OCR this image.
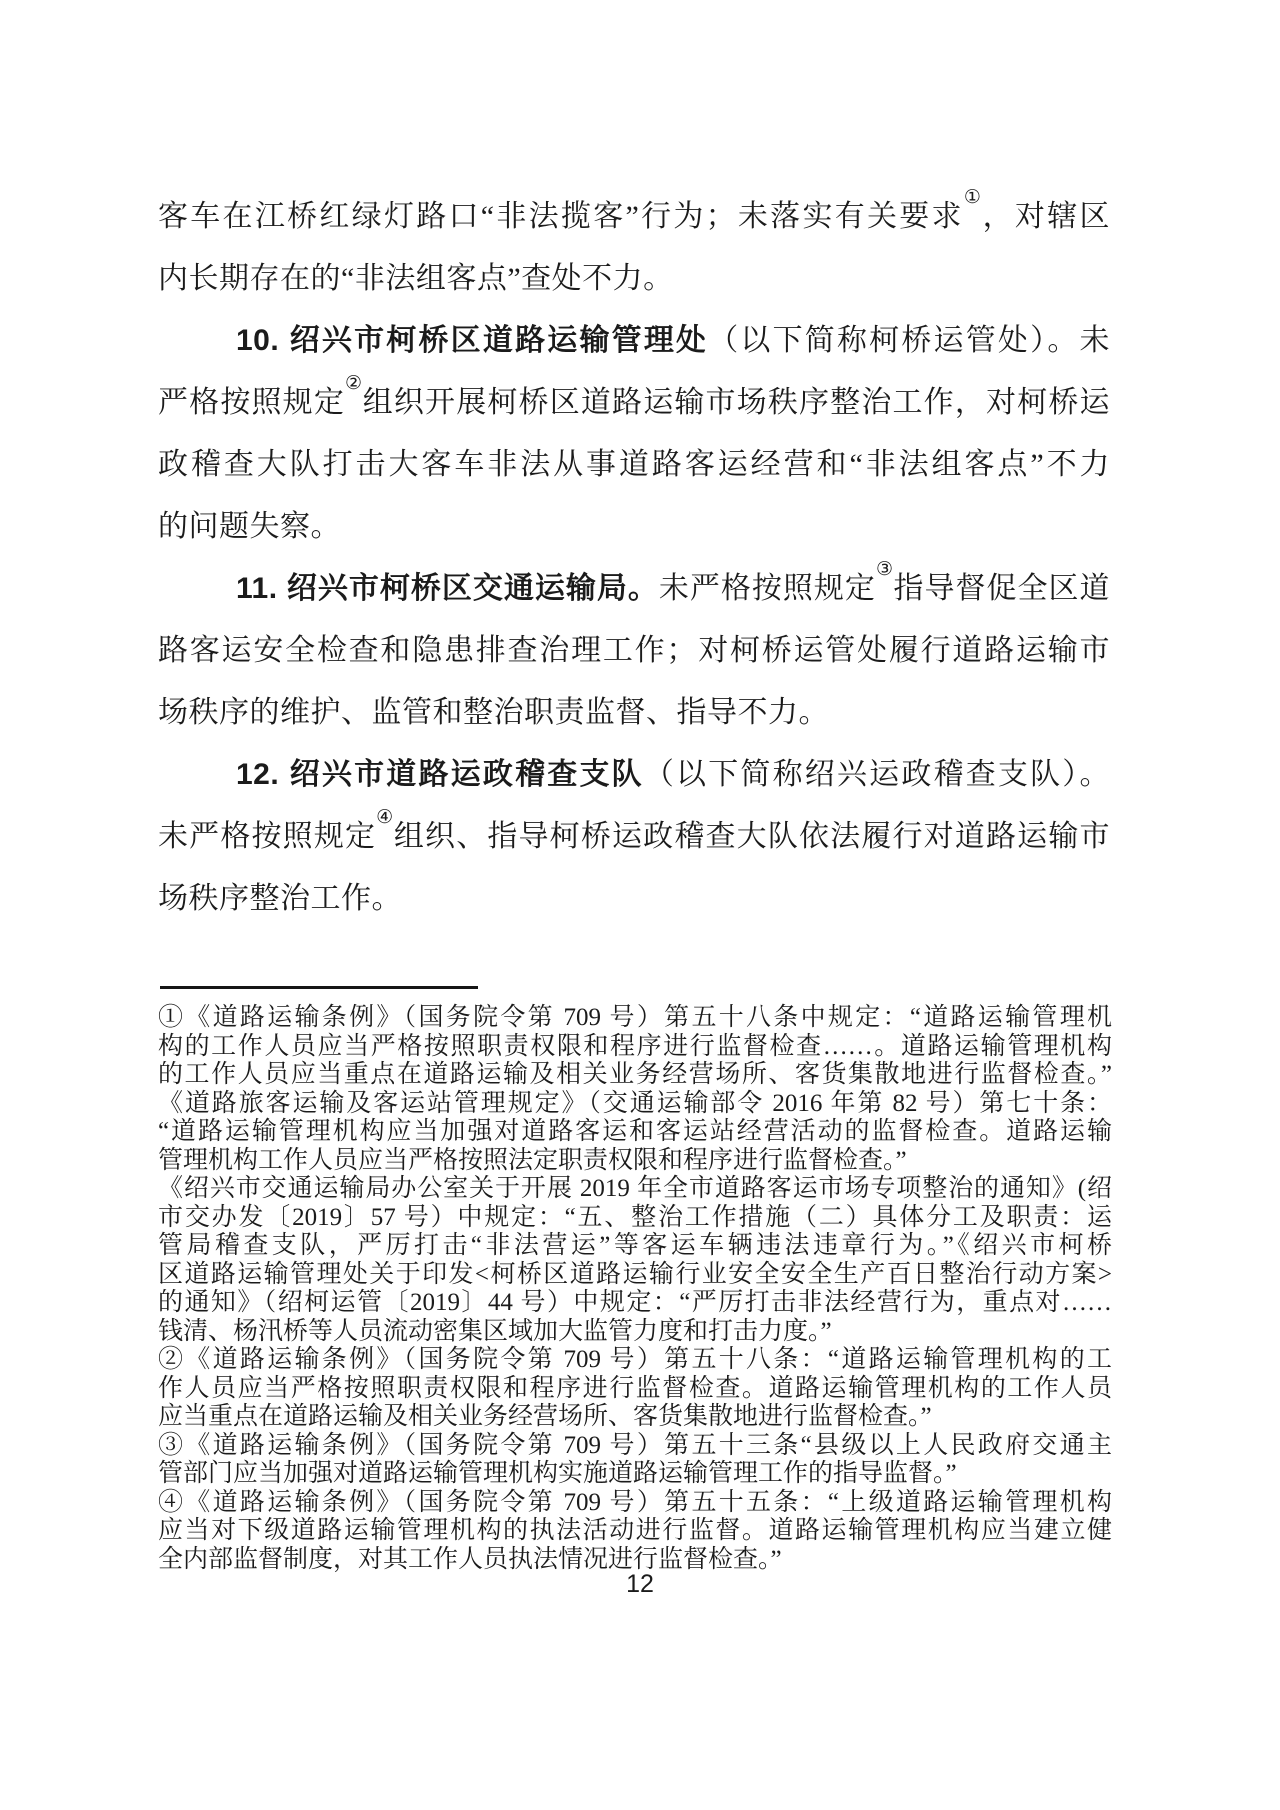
客车在江桥红绿灯路口“非法揽客”行为；未落实有关要求①，对辖区
内长期存在的“非法组客点”查处不力。
10. 绍兴市柯桥区道路运输管理处（以下简称柯桥运管处）。未
严格按照规定②组织开展柯桥区道路运输市场秩序整治工作，对柯桥运
政稽查大队打击大客车非法从事道路客运经营和“非法组客点”不力
的问题失察。
11. 绍兴市柯桥区交通运输局。未严格按照规定③指导督促全区道
路客运安全检查和隐患排查治理工作；对柯桥运管处履行道路运输市
场秩序的维护、监管和整治职责监督、指导不力。
12. 绍兴市道路运政稽查支队（以下简称绍兴运政稽查支队）。
未严格按照规定④组织、指导柯桥运政稽查大队依法履行对道路运输市
场秩序整治工作。
①《道路运输条例》（国务院令第 709 号）第五十八条中规定：“道路运输管理机
构的工作人员应当严格按照职责权限和程序进行监督检查……。道路运输管理机构
的工作人员应当重点在道路运输及相关业务经营场所、客货集散地进行监督检查。”
《道路旅客运输及客运站管理规定》（交通运输部令 2016 年第 82 号）第七十条：
“道路运输管理机构应当加强对道路客运和客运站经营活动的监督检查。道路运输
管理机构工作人员应当严格按照法定职责权限和程序进行监督检查。”
《绍兴市交通运输局办公室关于开展 2019 年全市道路客运市场专项整治的通知》(绍
市交办发〔2019〕57 号）中规定：“五、整治工作措施（二）具体分工及职责：运
管局稽查支队，严厉打击“非法营运”等客运车辆违法违章行为。”《绍兴市柯桥
区道路运输管理处关于印发<柯桥区道路运输行业安全安全生产百日整治行动方案>
的通知》（绍柯运管〔2019〕44 号）中规定：“严厉打击非法经营行为，重点对……
钱清、杨汛桥等人员流动密集区域加大监管力度和打击力度。”
②《道路运输条例》（国务院令第 709 号）第五十八条：“道路运输管理机构的工
作人员应当严格按照职责权限和程序进行监督检查。道路运输管理机构的工作人员
应当重点在道路运输及相关业务经营场所、客货集散地进行监督检查。”
③《道路运输条例》（国务院令第 709 号）第五十三条“县级以上人民政府交通主
管部门应当加强对道路运输管理机构实施道路运输管理工作的指导监督。”
④《道路运输条例》（国务院令第 709 号）第五十五条：“上级道路运输管理机构
应当对下级道路运输管理机构的执法活动进行监督。道路运输管理机构应当建立健
全内部监督制度，对其工作人员执法情况进行监督检查。”
12
